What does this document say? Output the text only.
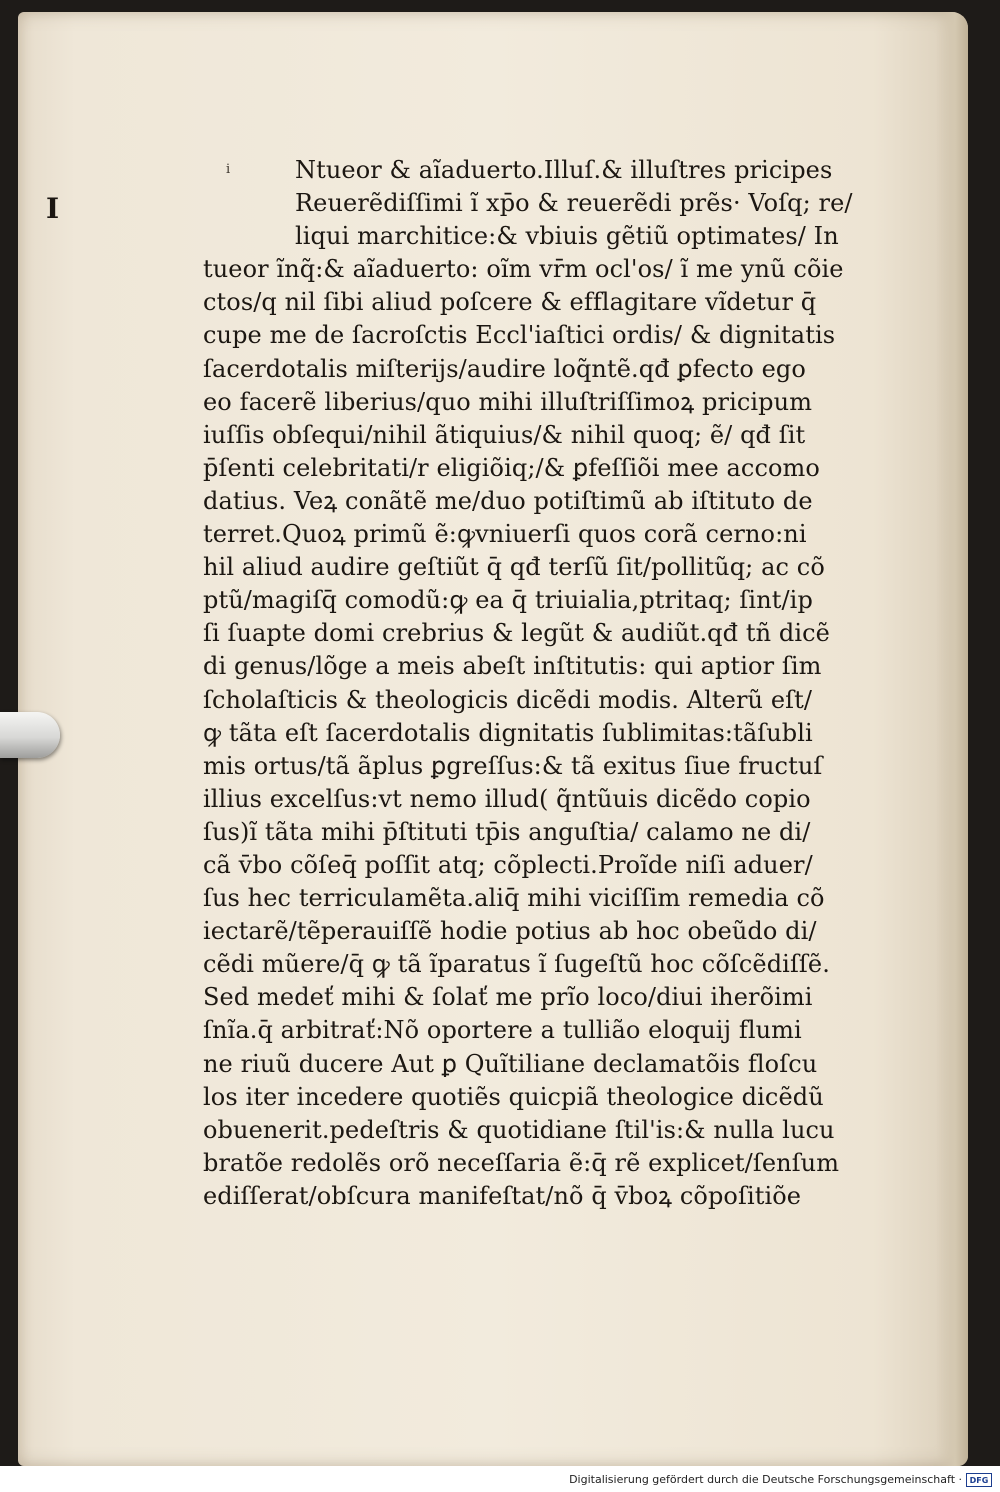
i
I
Ntueor & aĩaduerto.Illuſ.& illuſtres pricipes
Reuerẽdiſſimi ĩ xp̄o & reuerẽdi prẽs· Voſq; re/
liqui marchitice:& vbiuis gẽtiũ optimates/ In
tueor ĩnq̃:& aĩaduerto: oĩm vr̄m ocl'os/ ĩ me ynũ cõie
ctos/q nil ſibi aliud poſcere & efflagitare vĩdetur q̄
cupe me de ſacroſctis Eccl'iaſtici ordis/ & dignitatis
ſacerdotalis miſterijs/audire loq̃ntẽ.qđ ꝑfecto ego
eo facerẽ liberius/quo mihi illuſtriſſimoꝝ pricipum
iuſſis obſequi/nihil ãtiquius/& nihil quoq; ẽ/ qđ ſit
p̄ſenti celebritati/r eligiõiq;/& ꝑfeſſiõi mee accomo
datius. Veꝝ conãtẽ me/duo potiſtimũ ab iſtituto de
terret.Quoꝝ primũ ẽ:ꝙvniuerſi quos corã cerno:ni
hil aliud audire geſtiũt q̄ qđ terſũ ſit/pollitũq; ac cõ
ptũ/magiſq̄ comodũ:ꝙ ea q̄ triuialia,ptritaq; ſint/ip
ſi ſuapte domi crebrius & legũt & audiũt.qđ tñ dicẽ
di genus/lõge a meis abeſt inſtitutis: qui aptior ſim
ſcholaſticis & theologicis dicẽdi modis. Alterũ eſt/
ꝙ tãta eſt ſacerdotalis dignitatis ſublimitas:tãſubli
mis ortus/tã ãplus ꝑgreſſus:& tã exitus ſiue fructuſ
illius excelſus:vt nemo illud( q̃ntũuis dicẽdo copio
ſus)ĩ tãta mihi p̄ſtituti tp̄is anguſtia/ calamo ne di/
cã v̄bo cõſeq̄ poſſit atq; cõplecti.Proĩde niſi aduer/
ſus hec terriculamẽta.aliq̄ mihi viciſſim remedia cõ
iectarẽ/tẽperauiſſẽ hodie potius ab hoc obeũdo di/
cẽdi mũere/q̄ ꝙ tã ĩparatus ĩ ſugeſtũ hoc cõſcẽdiſſẽ.
Sed medeť mihi & ſolať me prĩo loco/diui iherõimi
ſnĩa.q̄ arbitrať:Nõ oportere a tullião eloquij flumi
ne riuũ ducere Aut ꝑ Quĩtiliane declamatõis floſcu
los iter incedere quotiẽs quicpiã theologice dicẽdũ
obuenerit.pedeſtris & quotidiane ſtil'is:& nulla lucu
bratõe redolẽs orõ neceſſaria ẽ:q̄ rẽ explicet/ſenſum
ediſſerat/obſcura manifeſtat/nõ q̄ v̄boꝝ cõpoſitiõe
Digitalisierung gefördert durch die Deutsche Forschungsgemeinschaft · DFG
